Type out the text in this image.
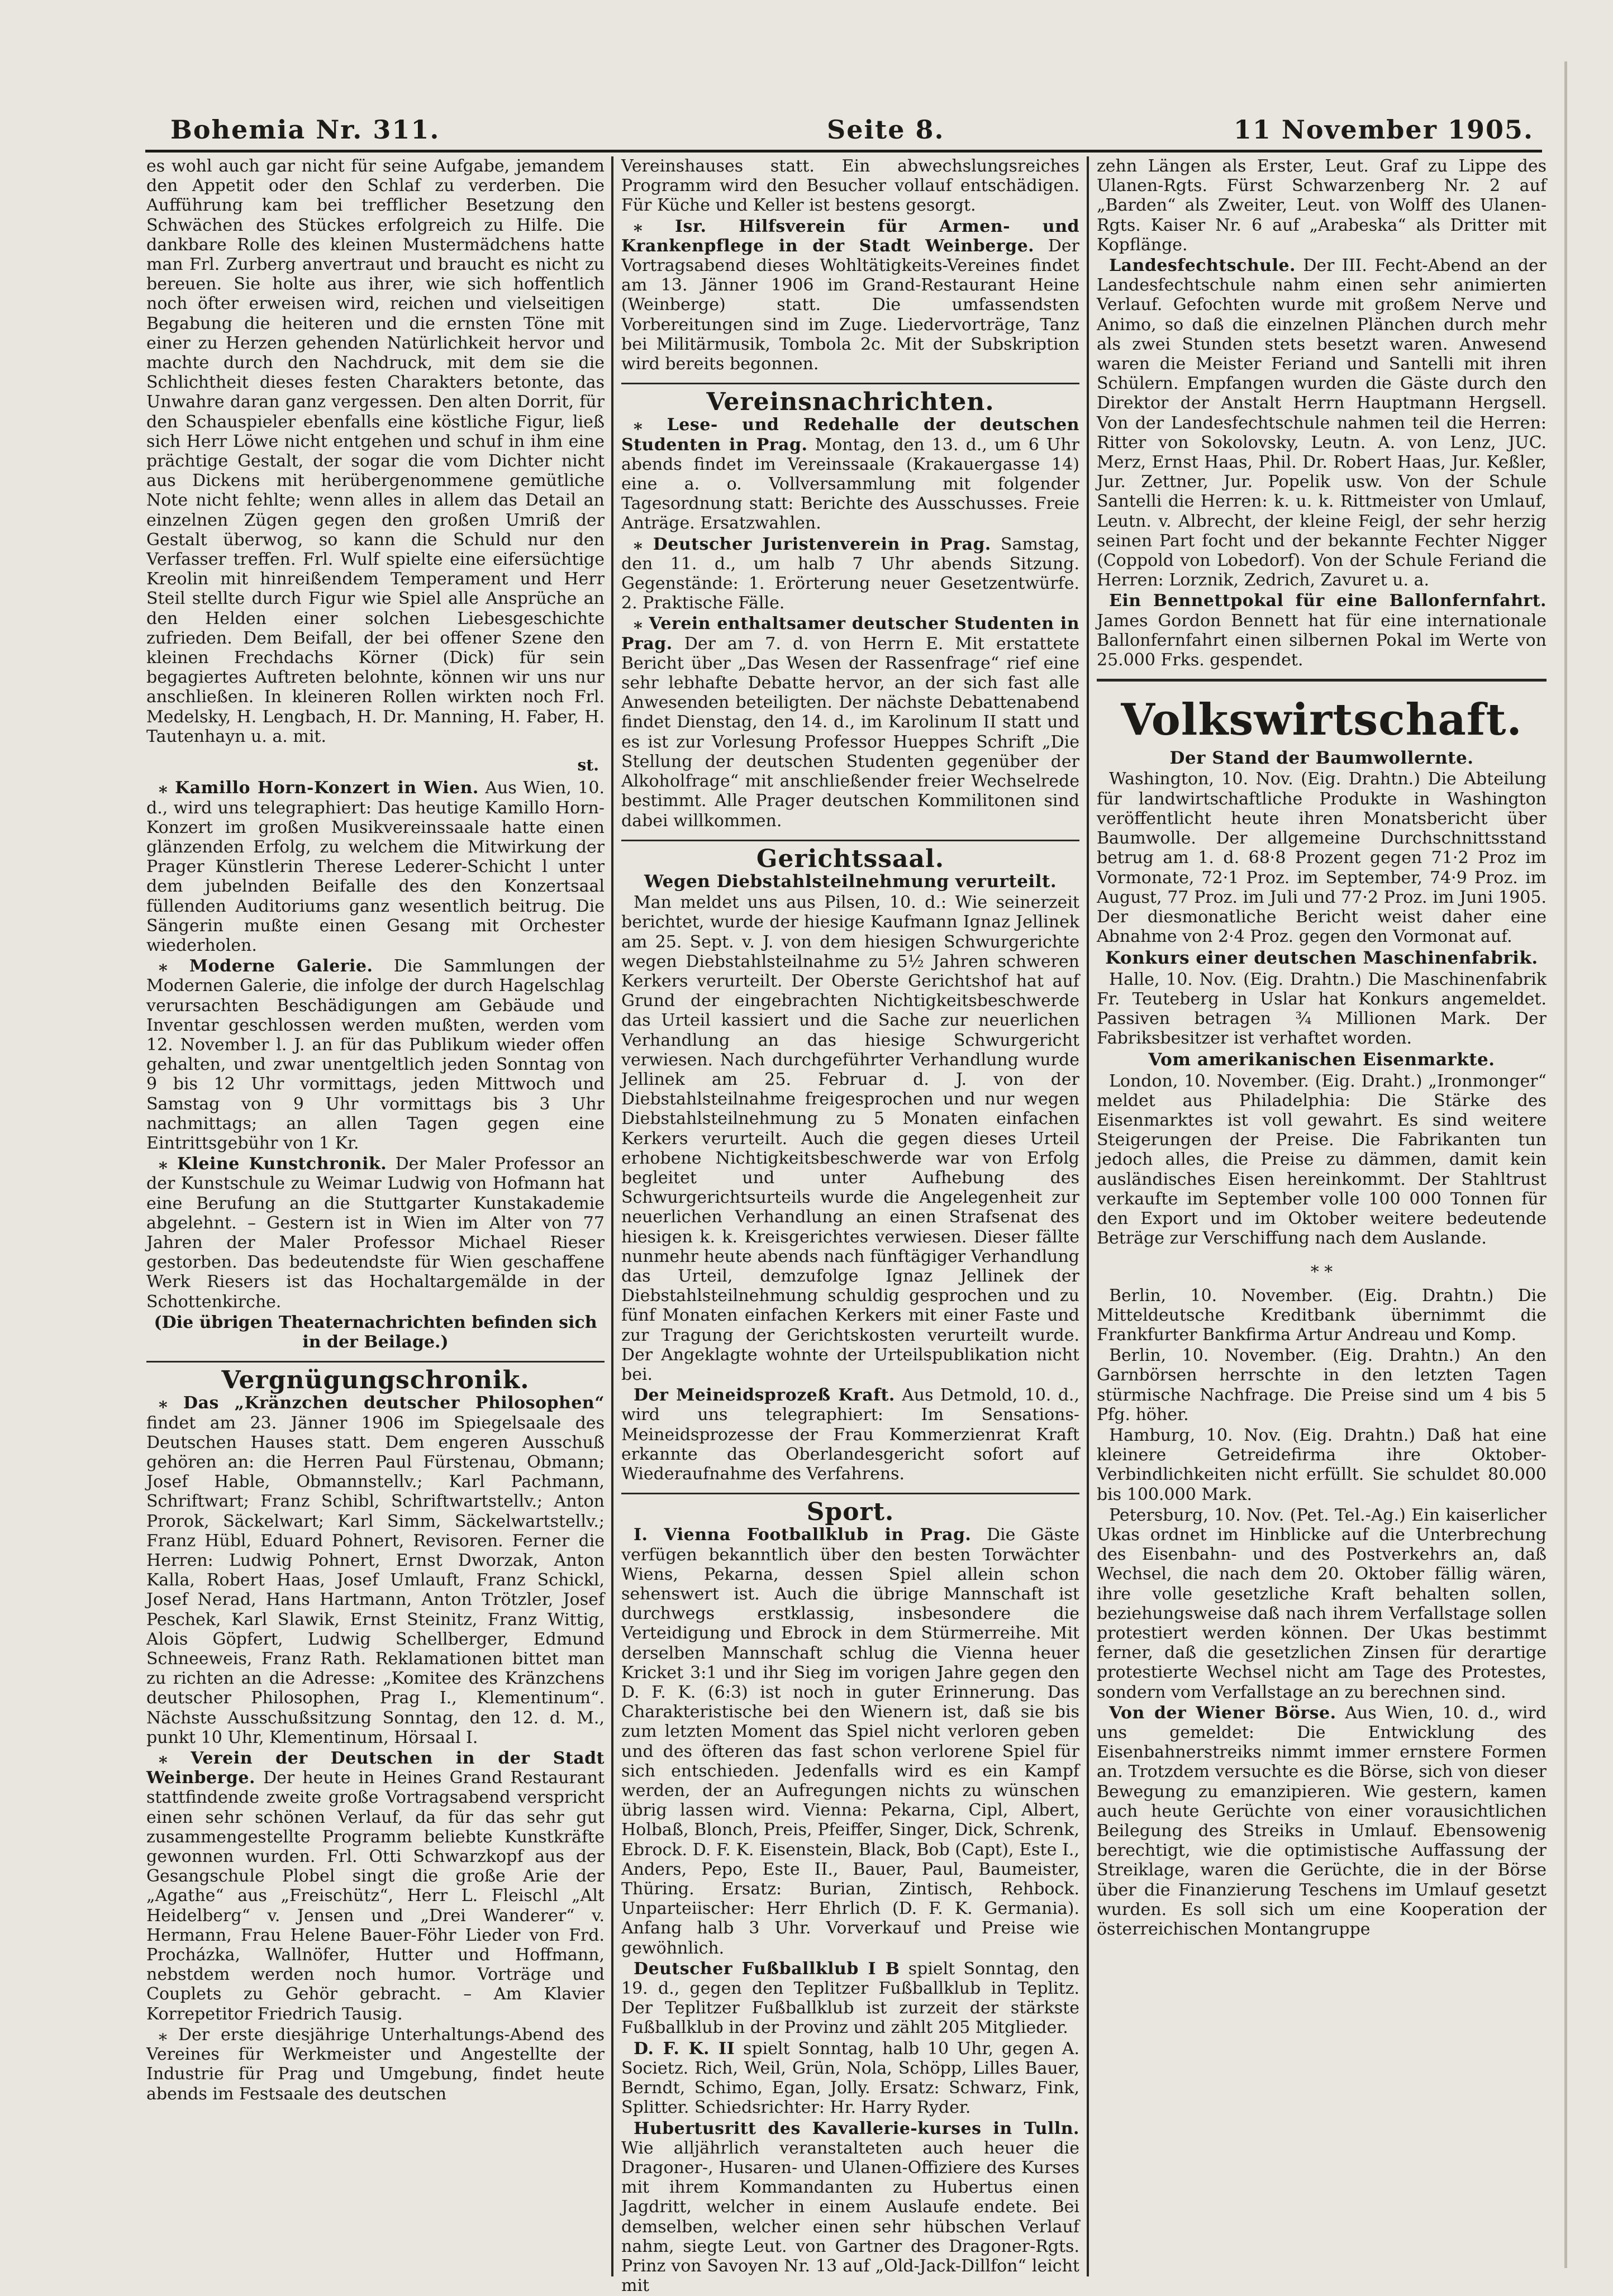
Bohemia Nr. 311.	Seite 8.	11 November 1905.

es wohl auch gar nicht für seine Aufgabe, jemandem den Appetit oder den Schlaf zu verderben. Die Aufführung kam bei trefflicher Besetzung den Schwächen des Stückes erfolgreich zu Hilfe. Die dankbare Rolle des kleinen Mustermädchens hatte man Frl. Zurberg anvertraut und braucht es nicht zu bereuen. Sie holte aus ihrer, wie sich hoffentlich noch öfter erweisen wird, reichen und vielseitigen Begabung die heiteren und die ernsten Töne mit einer zu Herzen gehenden Natürlichkeit hervor und machte durch den Nachdruck, mit dem sie die Schlichtheit dieses festen Charakters betonte, das Unwahre daran ganz vergessen. Den alten Dorrit, für den Schauspieler ebenfalls eine köstliche Figur, ließ sich Herr Löwe nicht entgehen und schuf in ihm eine prächtige Gestalt, der sogar die vom Dichter nicht aus Dickens mit herübergenommene gemütliche Note nicht fehlte; wenn alles in allem das Detail an einzelnen Zügen gegen den großen Umriß der Gestalt überwog, so kann die Schuld nur den Verfasser treffen. Frl. Wulf spielte eine eifersüchtige Kreolin mit hinreißendem Temperament und Herr Steil stellte durch Figur wie Spiel alle Ansprüche an den Helden einer solchen Liebesgeschichte zufrieden. Dem Beifall, der bei offener Szene den kleinen Frechdachs Körner (Dick) für sein begagiertes Auftreten belohnte, können wir uns nur anschließen. In kleineren Rollen wirkten noch Frl. Medelsky, H. Lengbach, H. Dr. Manning, H. Faber, H. Tautenhayn u. a. mit.

st.

⁎ Kamillo Horn-Konzert in Wien. Aus Wien, 10. d., wird uns telegraphiert: Das heutige Kamillo Horn-Konzert im großen Musikvereinssaale hatte einen glänzenden Erfolg, zu welchem die Mitwirkung der Prager Künstlerin Therese Lederer-Schicht l unter dem jubelnden Beifalle des den Konzertsaal füllenden Auditoriums ganz wesentlich beitrug. Die Sängerin mußte einen Gesang mit Orchester wiederholen.

⁎ Moderne Galerie. Die Sammlungen der Modernen Galerie, die infolge der durch Hagelschlag verursachten Beschädigungen am Gebäude und Inventar geschlossen werden mußten, werden vom 12. November l. J. an für das Publikum wieder offen gehalten, und zwar unentgeltlich jeden Sonntag von 9 bis 12 Uhr vormittags, jeden Mittwoch und Samstag von 9 Uhr vormittags bis 3 Uhr nachmittags; an allen Tagen gegen eine Eintrittsgebühr von 1 Kr.

⁎ Kleine Kunstchronik. Der Maler Professor an der Kunstschule zu Weimar Ludwig von Hofmann hat eine Berufung an die Stuttgarter Kunstakademie abgelehnt. – Gestern ist in Wien im Alter von 77 Jahren der Maler Professor Michael Rieser gestorben. Das bedeutendste für Wien geschaffene Werk Riesers ist das Hochaltargemälde in der Schottenkirche.

(Die übrigen Theaternachrichten befinden sich in der Beilage.)

Vergnügungschronik.

⁎ Das „Kränzchen deutscher Philosophen“ findet am 23. Jänner 1906 im Spiegelsaale des Deutschen Hauses statt. Dem engeren Ausschuß gehören an: die Herren Paul Fürstenau, Obmann; Josef Hable, Obmannstellv.; Karl Pachmann, Schriftwart; Franz Schibl, Schriftwartstellv.; Anton Prorok, Säckelwart; Karl Simm, Säckelwartstellv.; Franz Hübl, Eduard Pohnert, Revisoren. Ferner die Herren: Ludwig Pohnert, Ernst Dworzak, Anton Kalla, Robert Haas, Josef Umlauft, Franz Schickl, Josef Nerad, Hans Hartmann, Anton Trötzler, Josef Peschek, Karl Slawik, Ernst Steinitz, Franz Wittig, Alois Göpfert, Ludwig Schellberger, Edmund Schneeweis, Franz Rath. Reklamationen bittet man zu richten an die Adresse: „Komitee des Kränzchens deutscher Philosophen, Prag I., Klementinum“. Nächste Ausschußsitzung Sonntag, den 12. d. M., punkt 10 Uhr, Klementinum, Hörsaal I.

⁎ Verein der Deutschen in der Stadt Weinberge. Der heute in Heines Grand Restaurant stattfindende zweite große Vortragsabend verspricht einen sehr schönen Verlauf, da für das sehr gut zusammengestellte Programm beliebte Kunstkräfte gewonnen wurden. Frl. Otti Schwarzkopf aus der Gesangschule Plobel singt die große Arie der „Agathe“ aus „Freischütz“, Herr L. Fleischl „Alt Heidelberg“ v. Jensen und „Drei Wanderer“ v. Hermann, Frau Helene Bauer-Föhr Lieder von Frd. Procházka, Wallnöfer, Hutter und Hoffmann, nebstdem werden noch humor. Vorträge und Couplets zu Gehör gebracht. – Am Klavier Korrepetitor Friedrich Tausig.

⁎ Der erste diesjährige Unterhaltungs-Abend des Vereines für Werkmeister und Angestellte der Industrie für Prag und Umgebung, findet heute abends im Festsaale des deutschen

Vereinshauses statt. Ein abwechslungsreiches Programm wird den Besucher vollauf entschädigen. Für Küche und Keller ist bestens gesorgt.

⁎ Isr. Hilfsverein für Armen- und Krankenpflege in der Stadt Weinberge. Der Vortragsabend dieses Wohltätigkeits-Vereines findet am 13. Jänner 1906 im Grand-Restaurant Heine (Weinberge) statt. Die umfassendsten Vorbereitungen sind im Zuge. Liedervorträge, Tanz bei Militärmusik, Tombola 2c. Mit der Subskription wird bereits begonnen.

Vereinsnachrichten.

⁎ Lese- und Redehalle der deutschen Studenten in Prag. Montag, den 13. d., um 6 Uhr abends findet im Vereinssaale (Krakauergasse 14) eine a. o. Vollversammlung mit folgender Tagesordnung statt: Berichte des Ausschusses. Freie Anträge. Ersatzwahlen.

⁎ Deutscher Juristenverein in Prag. Samstag, den 11. d., um halb 7 Uhr abends Sitzung. Gegenstände: 1. Erörterung neuer Gesetzentwürfe. 2. Praktische Fälle.

⁎ Verein enthaltsamer deutscher Studenten in Prag. Der am 7. d. von Herrn E. Mit erstattete Bericht über „Das Wesen der Rassenfrage“ rief eine sehr lebhafte Debatte hervor, an der sich fast alle Anwesenden beteiligten. Der nächste Debattenabend findet Dienstag, den 14. d., im Karolinum II statt und es ist zur Vorlesung Professor Hueppes Schrift „Die Stellung der deutschen Studenten gegenüber der Alkoholfrage“ mit anschließender freier Wechselrede bestimmt. Alle Prager deutschen Kommilitonen sind dabei willkommen.

Gerichtssaal.
Wegen Diebstahlsteilnehmung verurteilt.

Man meldet uns aus Pilsen, 10. d.: Wie seinerzeit berichtet, wurde der hiesige Kaufmann Ignaz Jellinek am 25. Sept. v. J. von dem hiesigen Schwurgerichte wegen Diebstahlsteilnahme zu 5½ Jahren schweren Kerkers verurteilt. Der Oberste Gerichtshof hat auf Grund der eingebrachten Nichtigkeitsbeschwerde das Urteil kassiert und die Sache zur neuerlichen Verhandlung an das hiesige Schwurgericht verwiesen. Nach durchgeführter Verhandlung wurde Jellinek am 25. Februar d. J. von der Diebstahlsteilnahme freigesprochen und nur wegen Diebstahlsteilnehmung zu 5 Monaten einfachen Kerkers verurteilt. Auch die gegen dieses Urteil erhobene Nichtigkeitsbeschwerde war von Erfolg begleitet und unter Aufhebung des Schwurgerichtsurteils wurde die Angelegenheit zur neuerlichen Verhandlung an einen Strafsenat des hiesigen k. k. Kreisgerichtes verwiesen. Dieser fällte nunmehr heute abends nach fünftägiger Verhandlung das Urteil, demzufolge Ignaz Jellinek der Diebstahlsteilnehmung schuldig gesprochen und zu fünf Monaten einfachen Kerkers mit einer Faste und zur Tragung der Gerichtskosten verurteilt wurde. Der Angeklagte wohnte der Urteilspublikation nicht bei.

Der Meineidsprozeß Kraft. Aus Detmold, 10. d., wird uns telegraphiert: Im Sensations-Meineidsprozesse der Frau Kommerzienrat Kraft erkannte das Oberlandesgericht sofort auf Wiederaufnahme des Verfahrens.

Sport.

I. Vienna Footballklub in Prag. Die Gäste verfügen bekanntlich über den besten Torwächter Wiens, Pekarna, dessen Spiel allein schon sehenswert ist. Auch die übrige Mannschaft ist durchwegs erstklassig, insbesondere die Verteidigung und Ebrock in dem Stürmerreihe. Mit derselben Mannschaft schlug die Vienna heuer Kricket 3:1 und ihr Sieg im vorigen Jahre gegen den D. F. K. (6:3) ist noch in guter Erinnerung. Das Charakteristische bei den Wienern ist, daß sie bis zum letzten Moment das Spiel nicht verloren geben und des öfteren das fast schon verlorene Spiel für sich entschieden. Jedenfalls wird es ein Kampf werden, der an Aufregungen nichts zu wünschen übrig lassen wird. Vienna: Pekarna, Cipl, Albert, Holbaß, Blonch, Preis, Pfeiffer, Singer, Dick, Schrenk, Ebrock. D. F. K. Eisenstein, Black, Bob (Capt), Este I., Anders, Pepo, Este II., Bauer, Paul, Baumeister, Thüring. Ersatz: Burian, Zintisch, Rehbock. Unparteiischer: Herr Ehrlich (D. F. K. Germania). Anfang halb 3 Uhr. Vorverkauf und Preise wie gewöhnlich.

Deutscher Fußballklub I B spielt Sonntag, den 19. d., gegen den Teplitzer Fußballklub in Teplitz. Der Teplitzer Fußballklub ist zurzeit der stärkste Fußballklub in der Provinz und zählt 205 Mitglieder.

D. F. K. II spielt Sonntag, halb 10 Uhr, gegen A. Societz. Rich, Weil, Grün, Nola, Schöpp, Lilles Bauer, Berndt, Schimo, Egan, Jolly. Ersatz: Schwarz, Fink, Splitter. Schiedsrichter: Hr. Harry Ryder.

Hubertusritt des Kavallerie-kurses in Tulln. Wie alljährlich veranstalteten auch heuer die Dragoner-, Husaren- und Ulanen-Offiziere des Kurses mit ihrem Kommandanten zu Hubertus einen Jagdritt, welcher in einem Auslaufe endete. Bei demselben, welcher einen sehr hübschen Verlauf nahm, siegte Leut. von Gartner des Dragoner-Rgts. Prinz von Savoyen Nr. 13 auf „Old-Jack-Dillfon“ leicht mit

zehn Längen als Erster, Leut. Graf zu Lippe des Ulanen-Rgts. Fürst Schwarzenberg Nr. 2 auf „Barden“ als Zweiter, Leut. von Wolff des Ulanen-Rgts. Kaiser Nr. 6 auf „Arabeska“ als Dritter mit Kopflänge.

Landesfechtschule. Der III. Fecht-Abend an der Landesfechtschule nahm einen sehr animierten Verlauf. Gefochten wurde mit großem Nerve und Animo, so daß die einzelnen Plänchen durch mehr als zwei Stunden stets besetzt waren. Anwesend waren die Meister Feriand und Santelli mit ihren Schülern. Empfangen wurden die Gäste durch den Direktor der Anstalt Herrn Hauptmann Hergsell. Von der Landesfechtschule nahmen teil die Herren: Ritter von Sokolovsky, Leutn. A. von Lenz, JUC. Merz, Ernst Haas, Phil. Dr. Robert Haas, Jur. Keßler, Jur. Zettner, Jur. Popelik usw. Von der Schule Santelli die Herren: k. u. k. Rittmeister von Umlauf, Leutn. v. Albrecht, der kleine Feigl, der sehr herzig seinen Part focht und der bekannte Fechter Nigger (Coppold von Lobedorf). Von der Schule Feriand die Herren: Lorznik, Zedrich, Zavuret u. a.

Ein Bennettpokal für eine Ballonfernfahrt. James Gordon Bennett hat für eine internationale Ballonfernfahrt einen silbernen Pokal im Werte von 25.000 Frks. gespendet.

Volkswirtschaft.
Der Stand der Baumwollernte.

Washington, 10. Nov. (Eig. Drahtn.) Die Abteilung für landwirtschaftliche Produkte in Washington veröffentlicht heute ihren Monatsbericht über Baumwolle. Der allgemeine Durchschnittsstand betrug am 1. d. 68·8 Prozent gegen 71·2 Proz im Vormonate, 72·1 Proz. im September, 74·9 Proz. im August, 77 Proz. im Juli und 77·2 Proz. im Juni 1905. Der diesmonatliche Bericht weist daher eine Abnahme von 2·4 Proz. gegen den Vormonat auf.

Konkurs einer deutschen Maschinenfabrik.

Halle, 10. Nov. (Eig. Drahtn.) Die Maschinenfabrik Fr. Teuteberg in Uslar hat Konkurs angemeldet. Passiven betragen ¾ Millionen Mark. Der Fabriksbesitzer ist verhaftet worden.

Vom amerikanischen Eisenmarkte.

London, 10. November. (Eig. Draht.) „Ironmonger“ meldet aus Philadelphia: Die Stärke des Eisenmarktes ist voll gewahrt. Es sind weitere Steigerungen der Preise. Die Fabrikanten tun jedoch alles, die Preise zu dämmen, damit kein ausländisches Eisen hereinkommt. Der Stahltrust verkaufte im September volle 100 000 Tonnen für den Export und im Oktober weitere bedeutende Beträge zur Verschiffung nach dem Auslande.

⁎ ⁎

Berlin, 10. November. (Eig. Drahtn.) Die Mitteldeutsche Kreditbank übernimmt die Frankfurter Bankfirma Artur Andreau und Komp.

Berlin, 10. November. (Eig. Drahtn.) An den Garnbörsen herrschte in den letzten Tagen stürmische Nachfrage. Die Preise sind um 4 bis 5 Pfg. höher.

Hamburg, 10. Nov. (Eig. Drahtn.) Daß hat eine kleinere Getreidefirma ihre Oktober-Verbindlichkeiten nicht erfüllt. Sie schuldet 80.000 bis 100.000 Mark.

Petersburg, 10. Nov. (Pet. Tel.-Ag.) Ein kaiserlicher Ukas ordnet im Hinblicke auf die Unterbrechung des Eisenbahn- und des Postverkehrs an, daß Wechsel, die nach dem 20. Oktober fällig wären, ihre volle gesetzliche Kraft behalten sollen, beziehungsweise daß nach ihrem Verfallstage sollen protestiert werden können. Der Ukas bestimmt ferner, daß die gesetzlichen Zinsen für derartige protestierte Wechsel nicht am Tage des Protestes, sondern vom Verfallstage an zu berechnen sind.

Von der Wiener Börse. Aus Wien, 10. d., wird uns gemeldet: Die Entwicklung des Eisenbahnerstreiks nimmt immer ernstere Formen an. Trotzdem versuchte es die Börse, sich von dieser Bewegung zu emanzipieren. Wie gestern, kamen auch heute Gerüchte von einer vorausichtlichen Beilegung des Streiks in Umlauf. Ebensowenig berechtigt, wie die optimistische Auffassung der Streiklage, waren die Gerüchte, die in der Börse über die Finanzierung Teschens im Umlauf gesetzt wurden. Es soll sich um eine Kooperation der österreichischen Montangruppe
